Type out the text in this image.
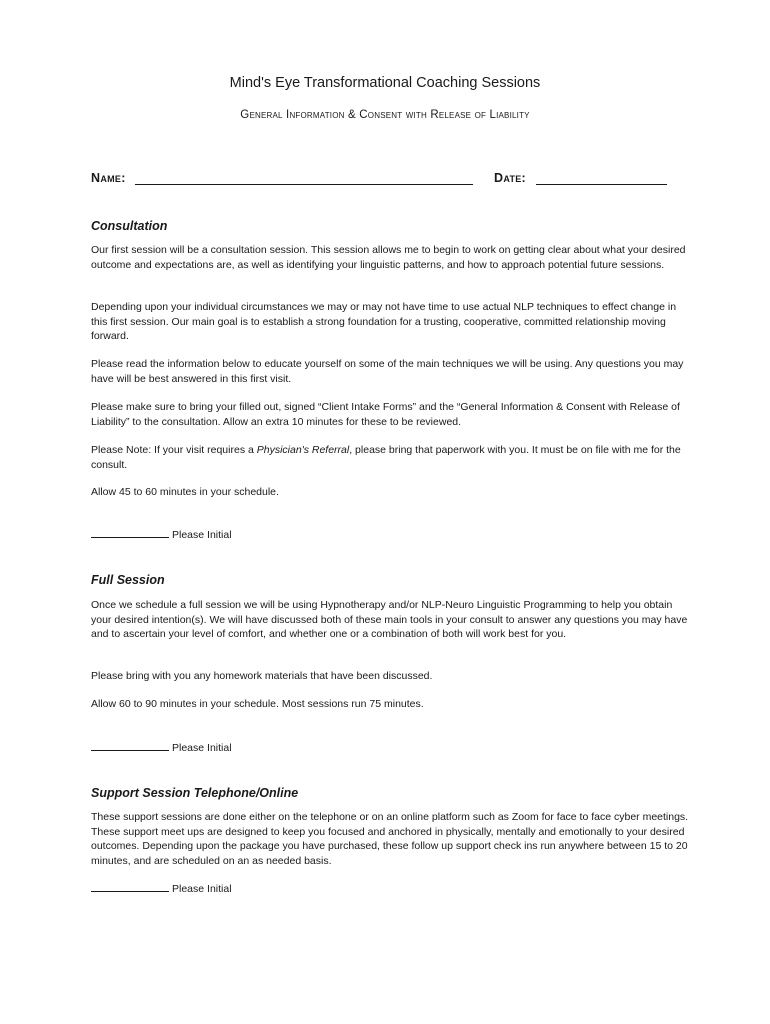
Mind's Eye Transformational Coaching Sessions
General Information & Consent with Release of Liability
Name:	Date:
Consultation

Our first session will be a consultation session. This session allows me to begin to work on getting clear about what your desired outcome and expectations are, as well as identifying your linguistic patterns, and how to approach potential future sessions.

Depending upon your individual circumstances we may or may not have time to use actual NLP techniques to effect change in this first session. Our main goal is to establish a strong foundation for a trusting, cooperative, committed relationship moving forward.

Please read the information below to educate yourself on some of the main techniques we will be using. Any questions you may have will be best answered in this first visit.

Please make sure to bring your filled out, signed “Client Intake Forms” and the “General Information & Consent with Release of Liability” to the consultation. Allow an extra 10 minutes for these to be reviewed.

Please Note: If your visit requires a Physician's Referral, please bring that paperwork with you. It must be on file with me for the consult.

Allow 45 to 60 minutes in your schedule.

Please Initial
Full Session

Once we schedule a full session we will be using Hypnotherapy and/or NLP-Neuro Linguistic Programming to help you obtain your desired intention(s). We will have discussed both of these main tools in your consult to answer any questions you may have and to ascertain your level of comfort, and whether one or a combination of both will work best for you.

Please bring with you any homework materials that have been discussed.

Allow 60 to 90 minutes in your schedule. Most sessions run 75 minutes.

Please Initial
Support Session Telephone/Online

These support sessions are done either on the telephone or on an online platform such as Zoom for face to face cyber meetings. These support meet ups are designed to keep you focused and anchored in physically, mentally and emotionally to your desired outcomes. Depending upon the package you have purchased, these follow up support check ins run anywhere between 15 to 20 minutes, and are scheduled on an as needed basis.

Please Initial
